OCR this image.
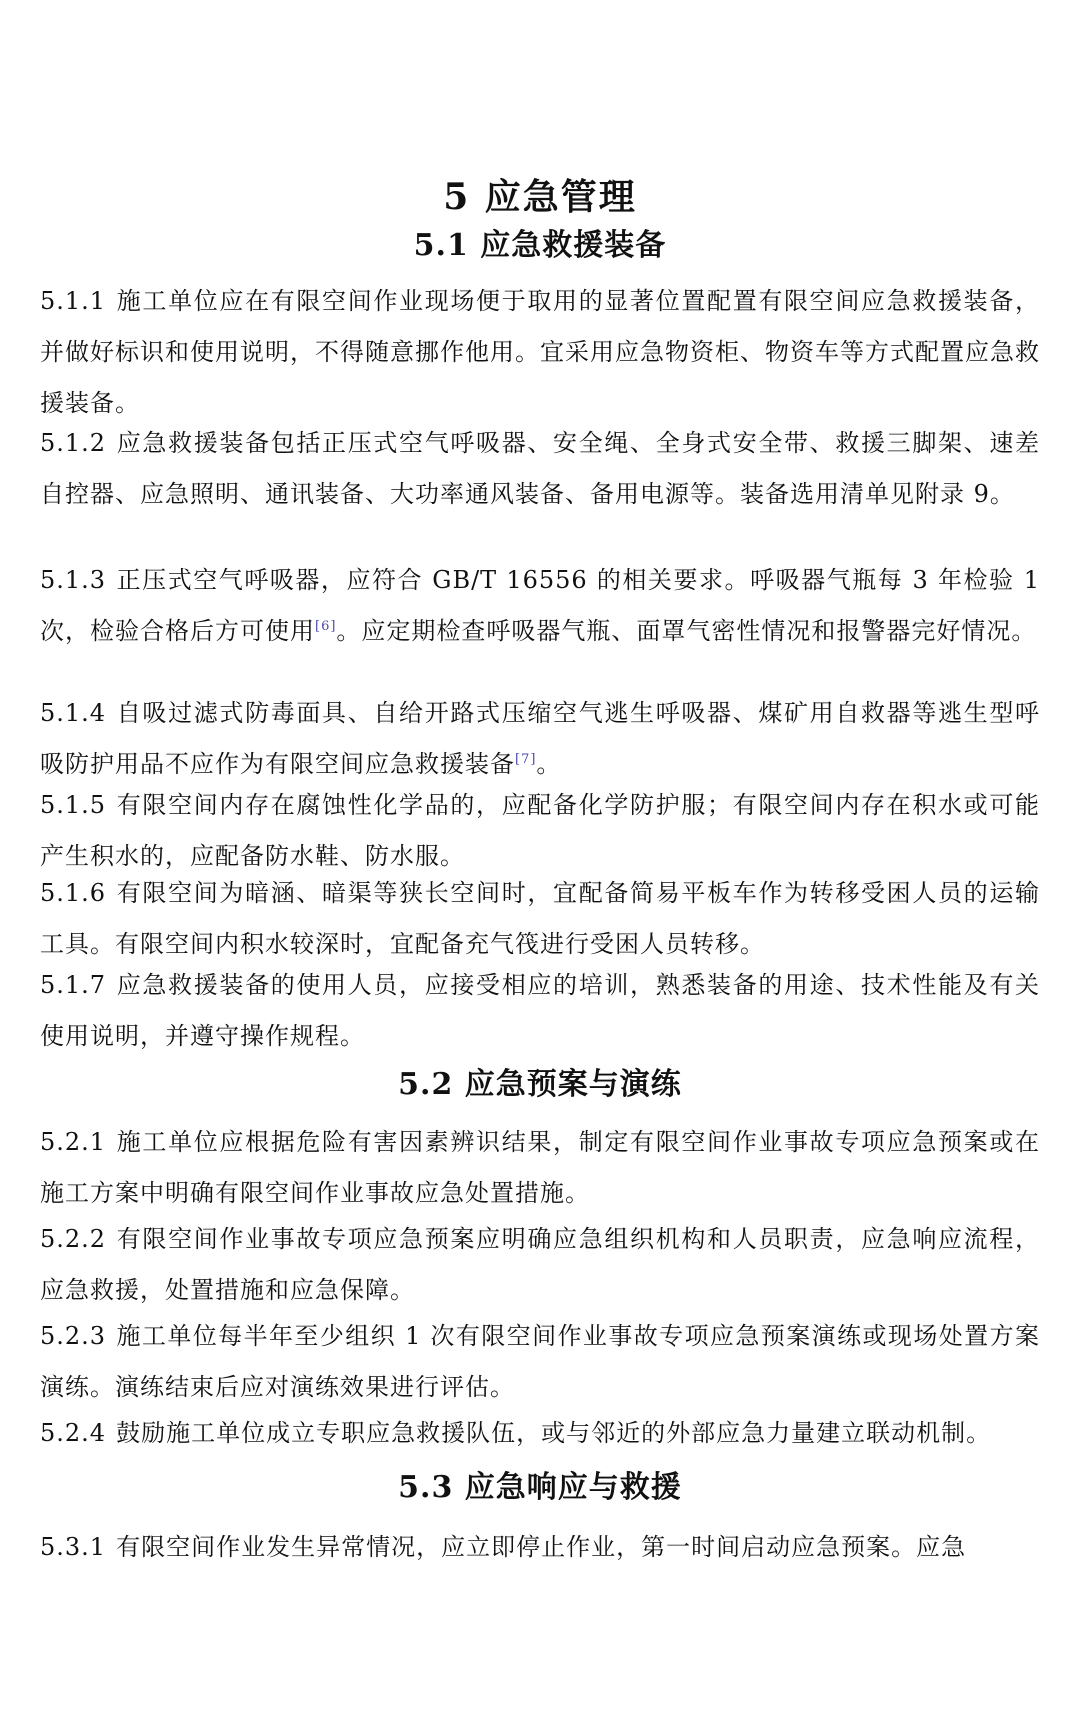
5 应急管理
5.1 应急救援装备
5.1.1 施工单位应在有限空间作业现场便于取用的显著位置配置有限空间应急救援装备，并做好标识和使用说明，不得随意挪作他用。宜采用应急物资柜、物资车等方式配置应急救援装备。
5.1.2 应急救援装备包括正压式空气呼吸器、安全绳、全身式安全带、救援三脚架、速差自控器、应急照明、通讯装备、大功率通风装备、备用电源等。装备选用清单见附录 9。
5.1.3 正压式空气呼吸器，应符合 GB/T 16556 的相关要求。呼吸器气瓶每 3 年检验 1 次，检验合格后方可使用[6]。应定期检查呼吸器气瓶、面罩气密性情况和报警器完好情况。
5.1.4 自吸过滤式防毒面具、自给开路式压缩空气逃生呼吸器、煤矿用自救器等逃生型呼吸防护用品不应作为有限空间应急救援装备[7]。
5.1.5 有限空间内存在腐蚀性化学品的，应配备化学防护服；有限空间内存在积水或可能产生积水的，应配备防水鞋、防水服。
5.1.6 有限空间为暗涵、暗渠等狭长空间时，宜配备简易平板车作为转移受困人员的运输工具。有限空间内积水较深时，宜配备充气筏进行受困人员转移。
5.1.7 应急救援装备的使用人员，应接受相应的培训，熟悉装备的用途、技术性能及有关使用说明，并遵守操作规程。
5.2 应急预案与演练
5.2.1 施工单位应根据危险有害因素辨识结果，制定有限空间作业事故专项应急预案或在施工方案中明确有限空间作业事故应急处置措施。
5.2.2 有限空间作业事故专项应急预案应明确应急组织机构和人员职责，应急响应流程，应急救援，处置措施和应急保障。
5.2.3 施工单位每半年至少组织 1 次有限空间作业事故专项应急预案演练或现场处置方案演练。演练结束后应对演练效果进行评估。
5.2.4 鼓励施工单位成立专职应急救援队伍，或与邻近的外部应急力量建立联动机制。
5.3 应急响应与救援
5.3.1 有限空间作业发生异常情况，应立即停止作业，第一时间启动应急预案。应急
